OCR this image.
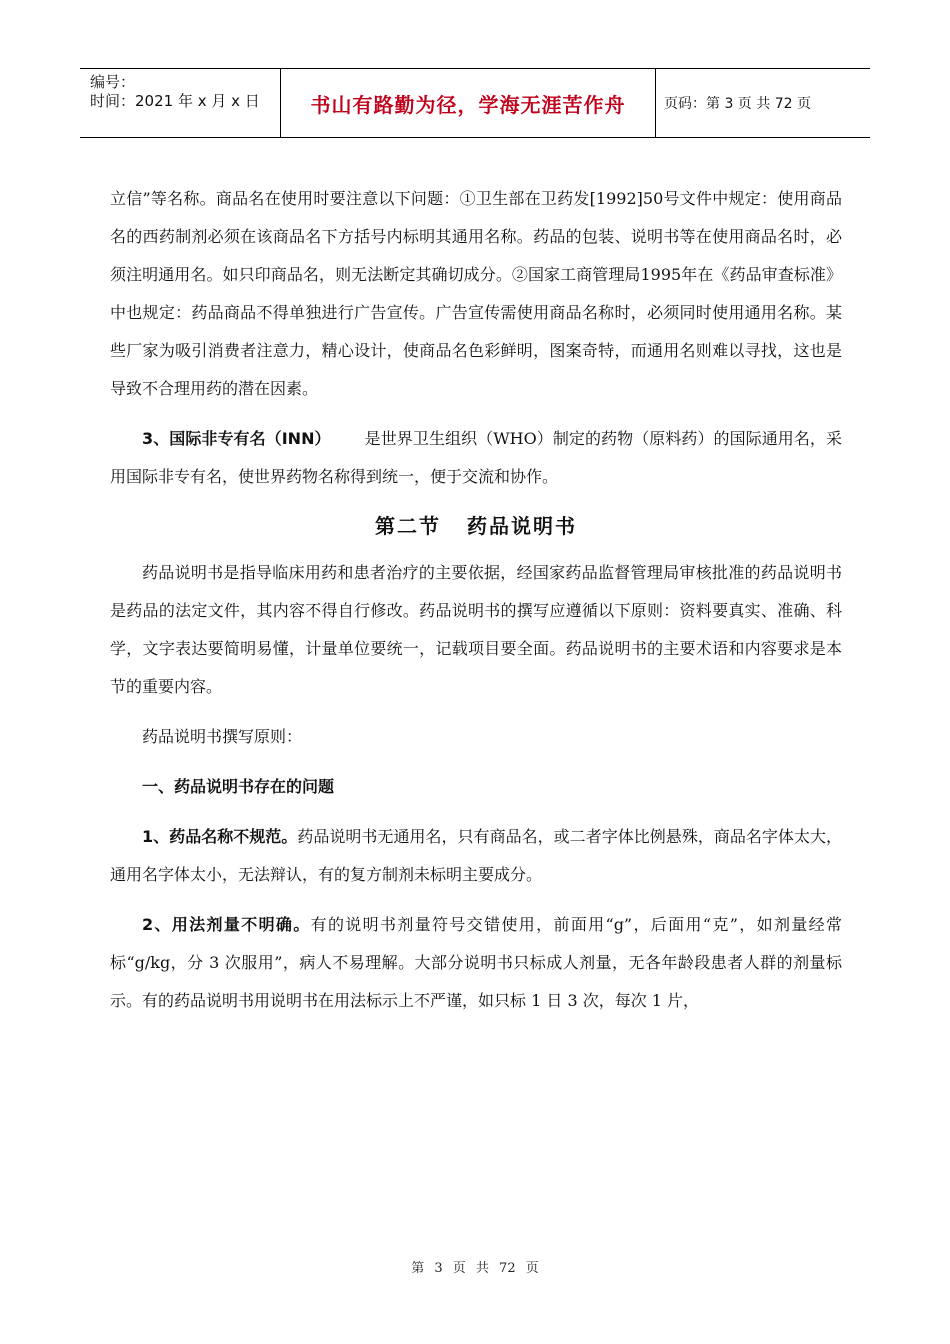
编号：
时间：2021 年 x 月 x 日	书山有路勤为径，学海无涯苦作舟	页码：第 3 页 共 72 页

立信”等名称。商品名在使用时要注意以下问题：①卫生部在卫药发[1992]50号文件中规定：使用商品名的西药制剂必须在该商品名下方括号内标明其通用名称。药品的包装、说明书等在使用商品名时，必须注明通用名。如只印商品名，则无法断定其确切成分。②国家工商管理局1995年在《药品审查标准》中也规定：药品商品不得单独进行广告宣传。广告宣传需使用商品名称时，必须同时使用通用名称。某些厂家为吸引消费者注意力，精心设计，使商品名色彩鲜明，图案奇特，而通用名则难以寻找，这也是导致不合理用药的潜在因素。

3、国际非专有名（INN） 是世界卫生组织（WHO）制定的药物（原料药）的国际通用名，采用国际非专有名，使世界药物名称得到统一，便于交流和协作。

第二节 药品说明书

药品说明书是指导临床用药和患者治疗的主要依据，经国家药品监督管理局审核批准的药品说明书是药品的法定文件，其内容不得自行修改。药品说明书的撰写应遵循以下原则：资料要真实、准确、科学，文字表达要简明易懂，计量单位要统一，记载项目要全面。药品说明书的主要术语和内容要求是本节的重要内容。

药品说明书撰写原则：

一、药品说明书存在的问题

1、药品名称不规范。药品说明书无通用名，只有商品名，或二者字体比例悬殊，商品名字体太大，通用名字体太小，无法辩认，有的复方制剂未标明主要成分。

2、用法剂量不明确。有的说明书剂量符号交错使用，前面用“g”，后面用“克”，如剂量经常标“g/kg，分 3 次服用”，病人不易理解。大部分说明书只标成人剂量，无各年龄段患者人群的剂量标示。有的药品说明书用说明书在用法标示上不严谨，如只标 1 日 3 次，每次 1 片，

第 3 页 共 72 页
